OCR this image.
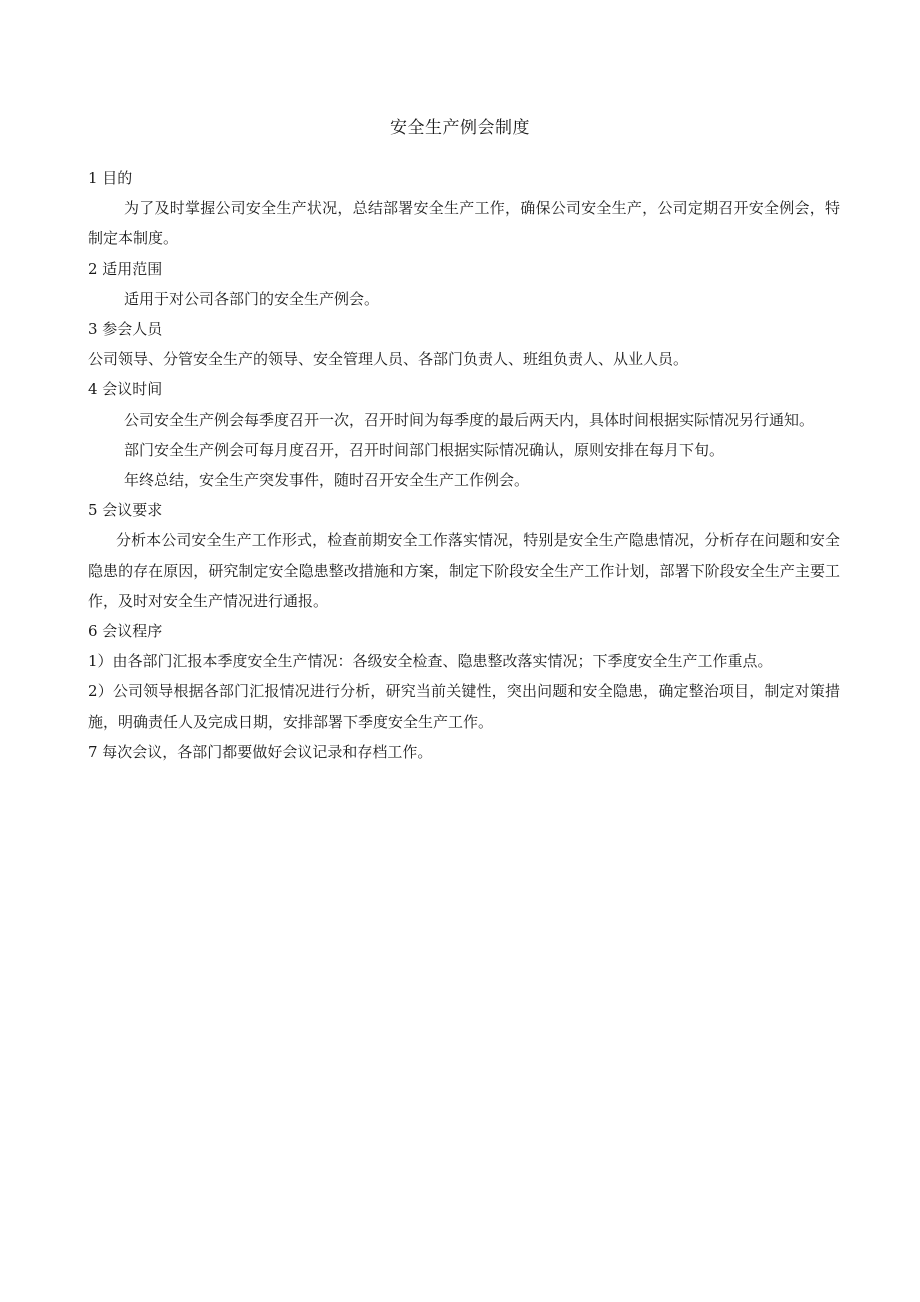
安全生产例会制度

1 目的

为了及时掌握公司安全生产状况，总结部署安全生产工作，确保公司安全生产，公司定期召开安全例会，特制定本制度。

2 适用范围

适用于对公司各部门的安全生产例会。

3 参会人员

公司领导、分管安全生产的领导、安全管理人员、各部门负责人、班组负责人、从业人员。

4 会议时间

公司安全生产例会每季度召开一次，召开时间为每季度的最后两天内，具体时间根据实际情况另行通知。

部门安全生产例会可每月度召开，召开时间部门根据实际情况确认，原则安排在每月下旬。

年终总结，安全生产突发事件，随时召开安全生产工作例会。

5 会议要求

分析本公司安全生产工作形式，检查前期安全工作落实情况，特别是安全生产隐患情况，分析存在问题和安全隐患的存在原因，研究制定安全隐患整改措施和方案，制定下阶段安全生产工作计划，部署下阶段安全生产主要工作，及时对安全生产情况进行通报。

6 会议程序

1）由各部门汇报本季度安全生产情况：各级安全检查、隐患整改落实情况；下季度安全生产工作重点。

2）公司领导根据各部门汇报情况进行分析，研究当前关键性，突出问题和安全隐患，确定整治项目，制定对策措施，明确责任人及完成日期，安排部署下季度安全生产工作。

7 每次会议，各部门都要做好会议记录和存档工作。
